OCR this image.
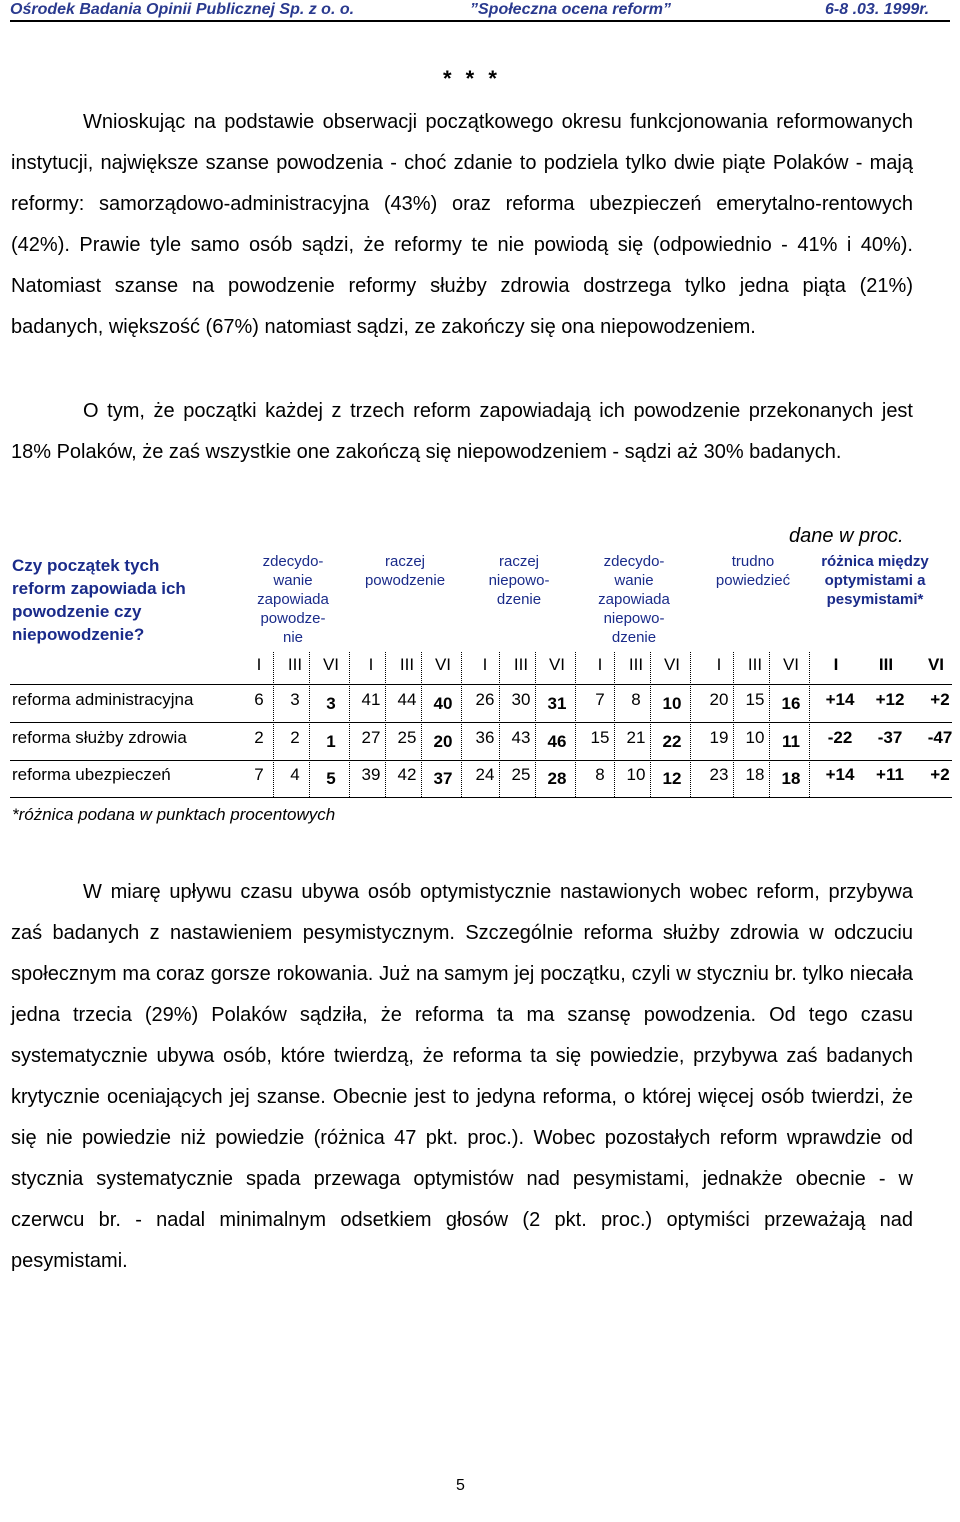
Ośrodek Badania Opinii Publicznej Sp. z o. o.	”Społeczna ocena reform”	6-8 .03. 1999r.
* * *

Wnioskując na podstawie obserwacji początkowego okresu funkcjonowania reformowanych instytucji, największe szanse powodzenia - choć zdanie to podziela tylko dwie piąte Polaków - mają reformy: samorządowo-administracyjna (43%) oraz reforma ubezpieczeń emerytalno-rentowych (42%). Prawie tyle samo osób sądzi, że reformy te nie powiodą się (odpowiednio - 41% i 40%). Natomiast szanse na powodzenie reformy służby zdrowia dostrzega tylko jedna piąta (21%) badanych, większość (67%) natomiast sądzi, ze zakończy się ona niepowodzeniem.

O tym, że początki każdej z trzech reform zapowiadają ich powodzenie przekonanych jest 18% Polaków, że zaś wszystkie one zakończą się niepowodzeniem - sądzi aż 30% badanych.

dane w proc.
Czy początek tych reform zapowiada ich powodzenie czy niepowodzenie?
zdecydo-
wanie
zapowiada
powodze-
nie
raczej
powodzenie
raczej
niepowo-
dzenie
zdecydo-
wanie
zapowiada
niepowo-
dzenie
trudno
powiedzieć
różnica między
optymistami a
pesymistami*
I	III	VI	I	III	VI	I	III	VI	I	III	VI	I	III	VI	I	III	VI
reforma administracyjna	6	3	3	41	44	40	26	30	31	7	8	10	20	15	16	+14	+12	+2
reforma służby zdrowia	2	2	1	27	25	20	36	43	46	15	21	22	19	10	11	-22	-37	-47
reforma ubezpieczeń	7	4	5	39	42	37	24	25	28	8	10	12	23	18	18	+14	+11	+2
*różnica podana w punktach procentowych

W miarę upływu czasu ubywa osób optymistycznie nastawionych wobec reform, przybywa zaś badanych z nastawieniem pesymistycznym. Szczególnie reforma służby zdrowia w odczuciu społecznym ma coraz gorsze rokowania. Już na samym jej początku, czyli w styczniu br. tylko niecała jedna trzecia (29%) Polaków sądziła, że reforma ta ma szansę powodzenia. Od tego czasu systematycznie ubywa osób, które twierdzą, że reforma ta się powiedzie, przybywa zaś badanych krytycznie oceniających jej szanse. Obecnie jest to jedyna reforma, o której więcej osób twierdzi, że się nie powiedzie niż powiedzie (różnica 47 pkt. proc.). Wobec pozostałych reform wprawdzie od stycznia systematycznie spada przewaga optymistów nad pesymistami, jednakże obecnie - w czerwcu br. - nadal minimalnym odsetkiem głosów (2 pkt. proc.) optymiści przeważają nad pesymistami.

5
